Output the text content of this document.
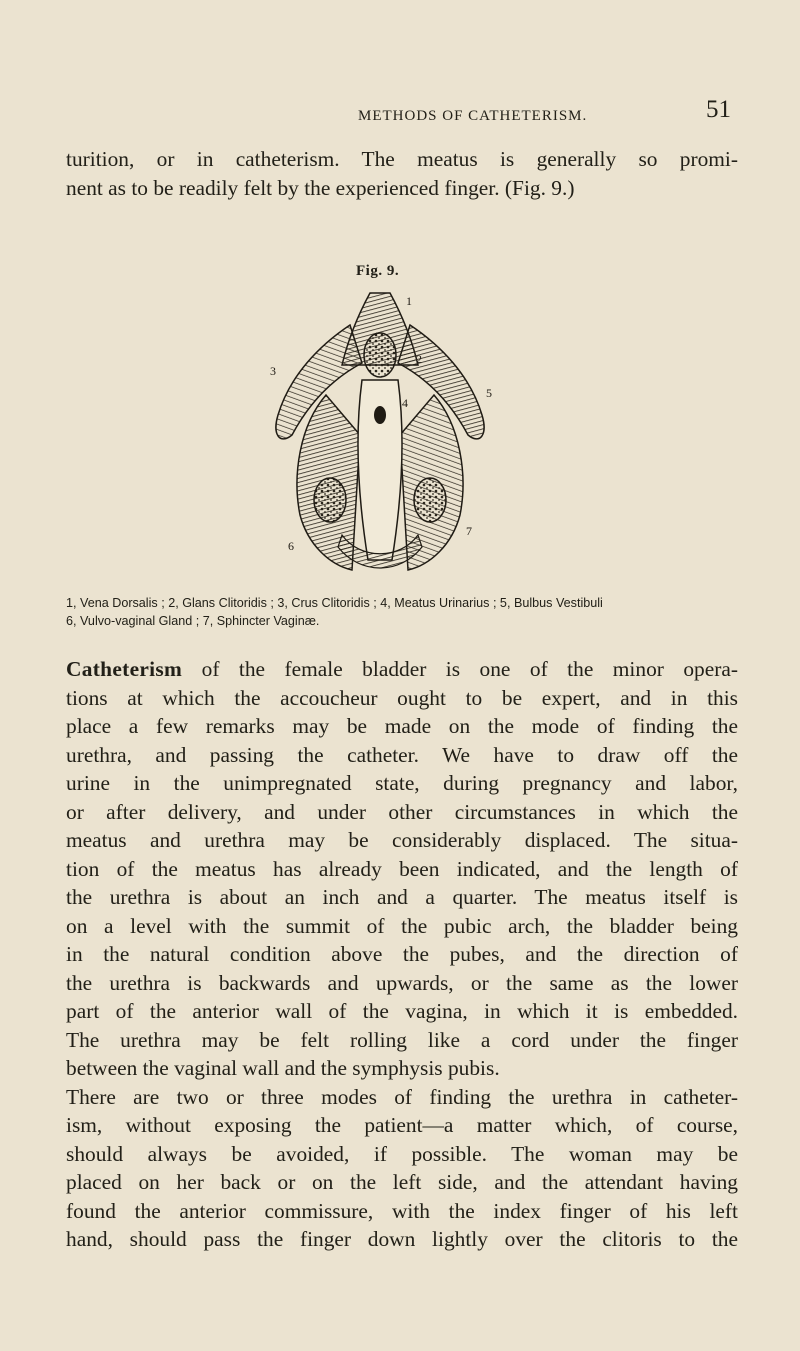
METHODS OF CATHETERISM.	51
turition, or in catheterism. The meatus is generally so promi-
nent as to be readily felt by the experienced finger. (Fig. 9.)
Fig. 9.
1
2
3
4
5
6
7
1, Vena Dorsalis ; 2, Glans Clitoridis ; 3, Crus Clitoridis ; 4, Meatus Urinarius ; 5, Bulbus Vestibuli
6, Vulvo-vaginal Gland ; 7, Sphincter Vaginæ.
Catheterism of the female bladder is one of the minor opera-
tions at which the accoucheur ought to be expert, and in this
place a few remarks may be made on the mode of finding the
urethra, and passing the catheter. We have to draw off the
urine in the unimpregnated state, during pregnancy and labor,
or after delivery, and under other circumstances in which the
meatus and urethra may be considerably displaced. The situa-
tion of the meatus has already been indicated, and the length of
the urethra is about an inch and a quarter. The meatus itself is
on a level with the summit of the pubic arch, the bladder being
in the natural condition above the pubes, and the direction of
the urethra is backwards and upwards, or the same as the lower
part of the anterior wall of the vagina, in which it is embedded.
The urethra may be felt rolling like a cord under the finger
between the vaginal wall and the symphysis pubis.
There are two or three modes of finding the urethra in catheter-
ism, without exposing the patient—a matter which, of course,
should always be avoided, if possible. The woman may be
placed on her back or on the left side, and the attendant having
found the anterior commissure, with the index finger of his left
hand, should pass the finger down lightly over the clitoris to the
